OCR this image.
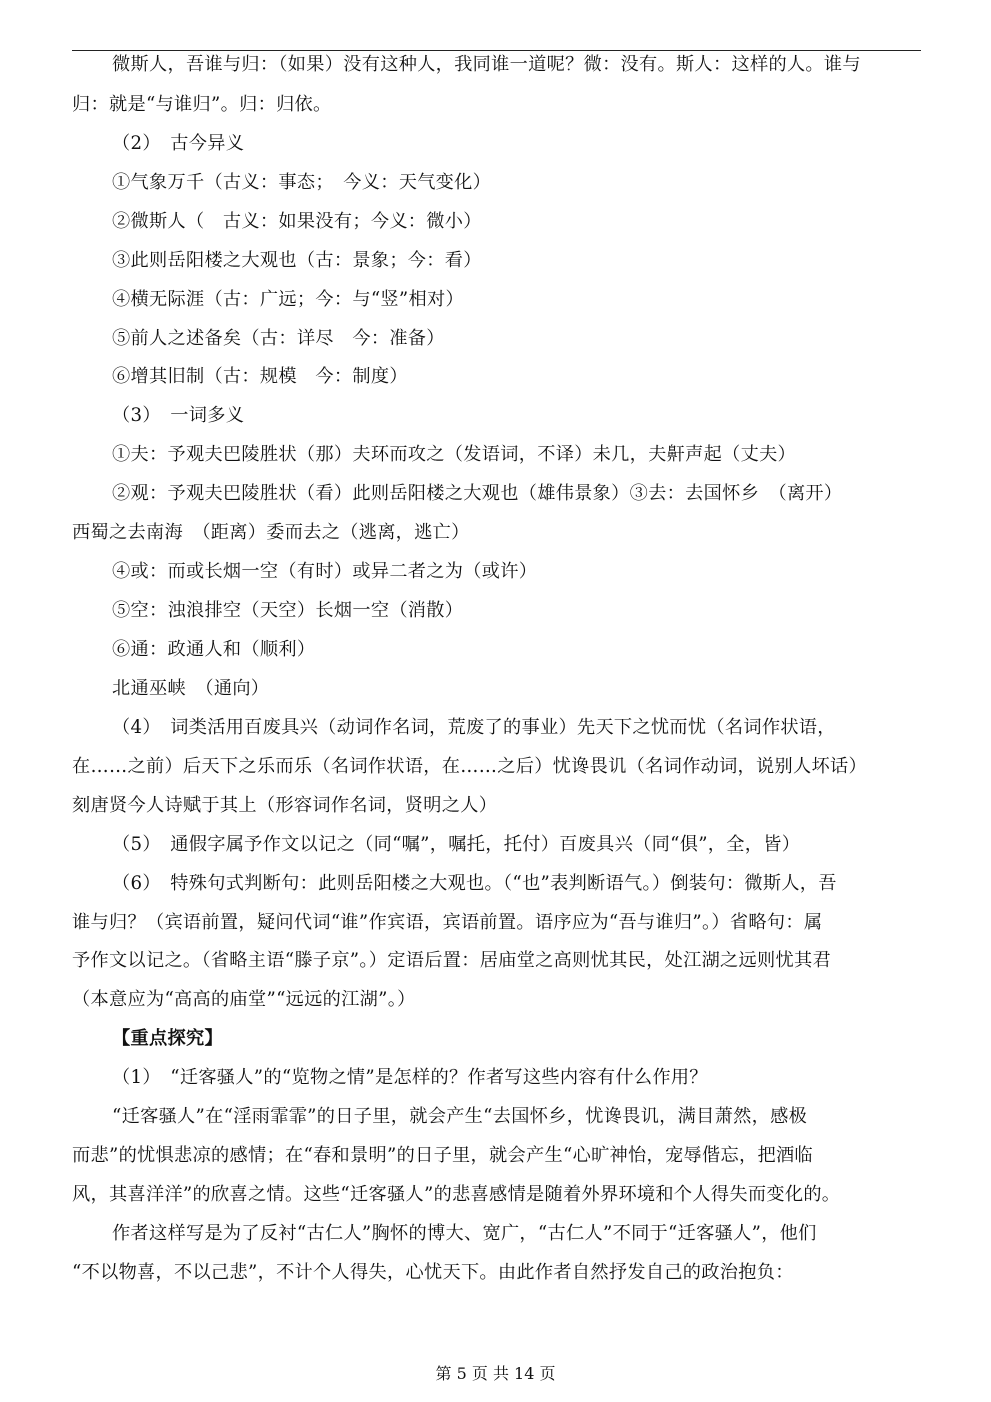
微斯人，吾谁与归：（如果）没有这种人，我同谁一道呢？微：没有。斯人：这样的人。谁与
归：就是“与谁归”。归：归依。
（2）　古今异义
①气象万千（古义：事态；　今义：天气变化）
②微斯人（　古义：如果没有；今义：微小）
③此则岳阳楼之大观也（古：景象；今：看）
④横无际涯（古：广远；今：与“竖”相对）
⑤前人之述备矣（古：详尽　今：准备）
⑥增其旧制（古：规模　今：制度）
（3）　一词多义
①夫：予观夫巴陵胜状（那）夫环而攻之（发语词，不译）未几，夫鼾声起（丈夫）
②观：予观夫巴陵胜状（看）此则岳阳楼之大观也（雄伟景象）③去：去国怀乡　（离开）
西蜀之去南海　（距离）委而去之（逃离，逃亡）
④或：而或长烟一空（有时）或异二者之为（或许）
⑤空：浊浪排空（天空）长烟一空（消散）
⑥通：政通人和（顺利）
北通巫峡　（通向）
（4）　词类活用百废具兴（动词作名词，荒废了的事业）先天下之忧而忧（名词作状语，
在……之前）后天下之乐而乐（名词作状语，在……之后）忧谗畏讥（名词作动词，说别人坏话）
刻唐贤今人诗赋于其上（形容词作名词，贤明之人）
（5）　通假字属予作文以记之（同“嘱”，嘱托，托付）百废具兴（同“俱”，全，皆）
（6）　特殊句式判断句：此则岳阳楼之大观也。（“也”表判断语气。）倒装句：微斯人，吾
谁与归？（宾语前置，疑问代词“谁”作宾语，宾语前置。语序应为“吾与谁归”。）省略句：属
予作文以记之。（省略主语“滕子京”。）定语后置：居庙堂之高则忧其民，处江湖之远则忧其君
（本意应为“高高的庙堂”“远远的江湖”。）
【重点探究】
（1）　“迁客骚人”的“览物之情”是怎样的？作者写这些内容有什么作用？
“迁客骚人”在“淫雨霏霏”的日子里，就会产生“去国怀乡，忧谗畏讥，满目萧然，感极
而悲”的忧惧悲凉的感情；在“春和景明”的日子里，就会产生“心旷神怡，宠辱偕忘，把酒临
风，其喜洋洋”的欣喜之情。这些“迁客骚人”的悲喜感情是随着外界环境和个人得失而变化的。
作者这样写是为了反衬“古仁人”胸怀的博大、宽广，“古仁人”不同于“迁客骚人”，他们
“不以物喜，不以己悲”，不计个人得失，心忧天下。由此作者自然抒发自己的政治抱负：
第 5 页 共 14 页
